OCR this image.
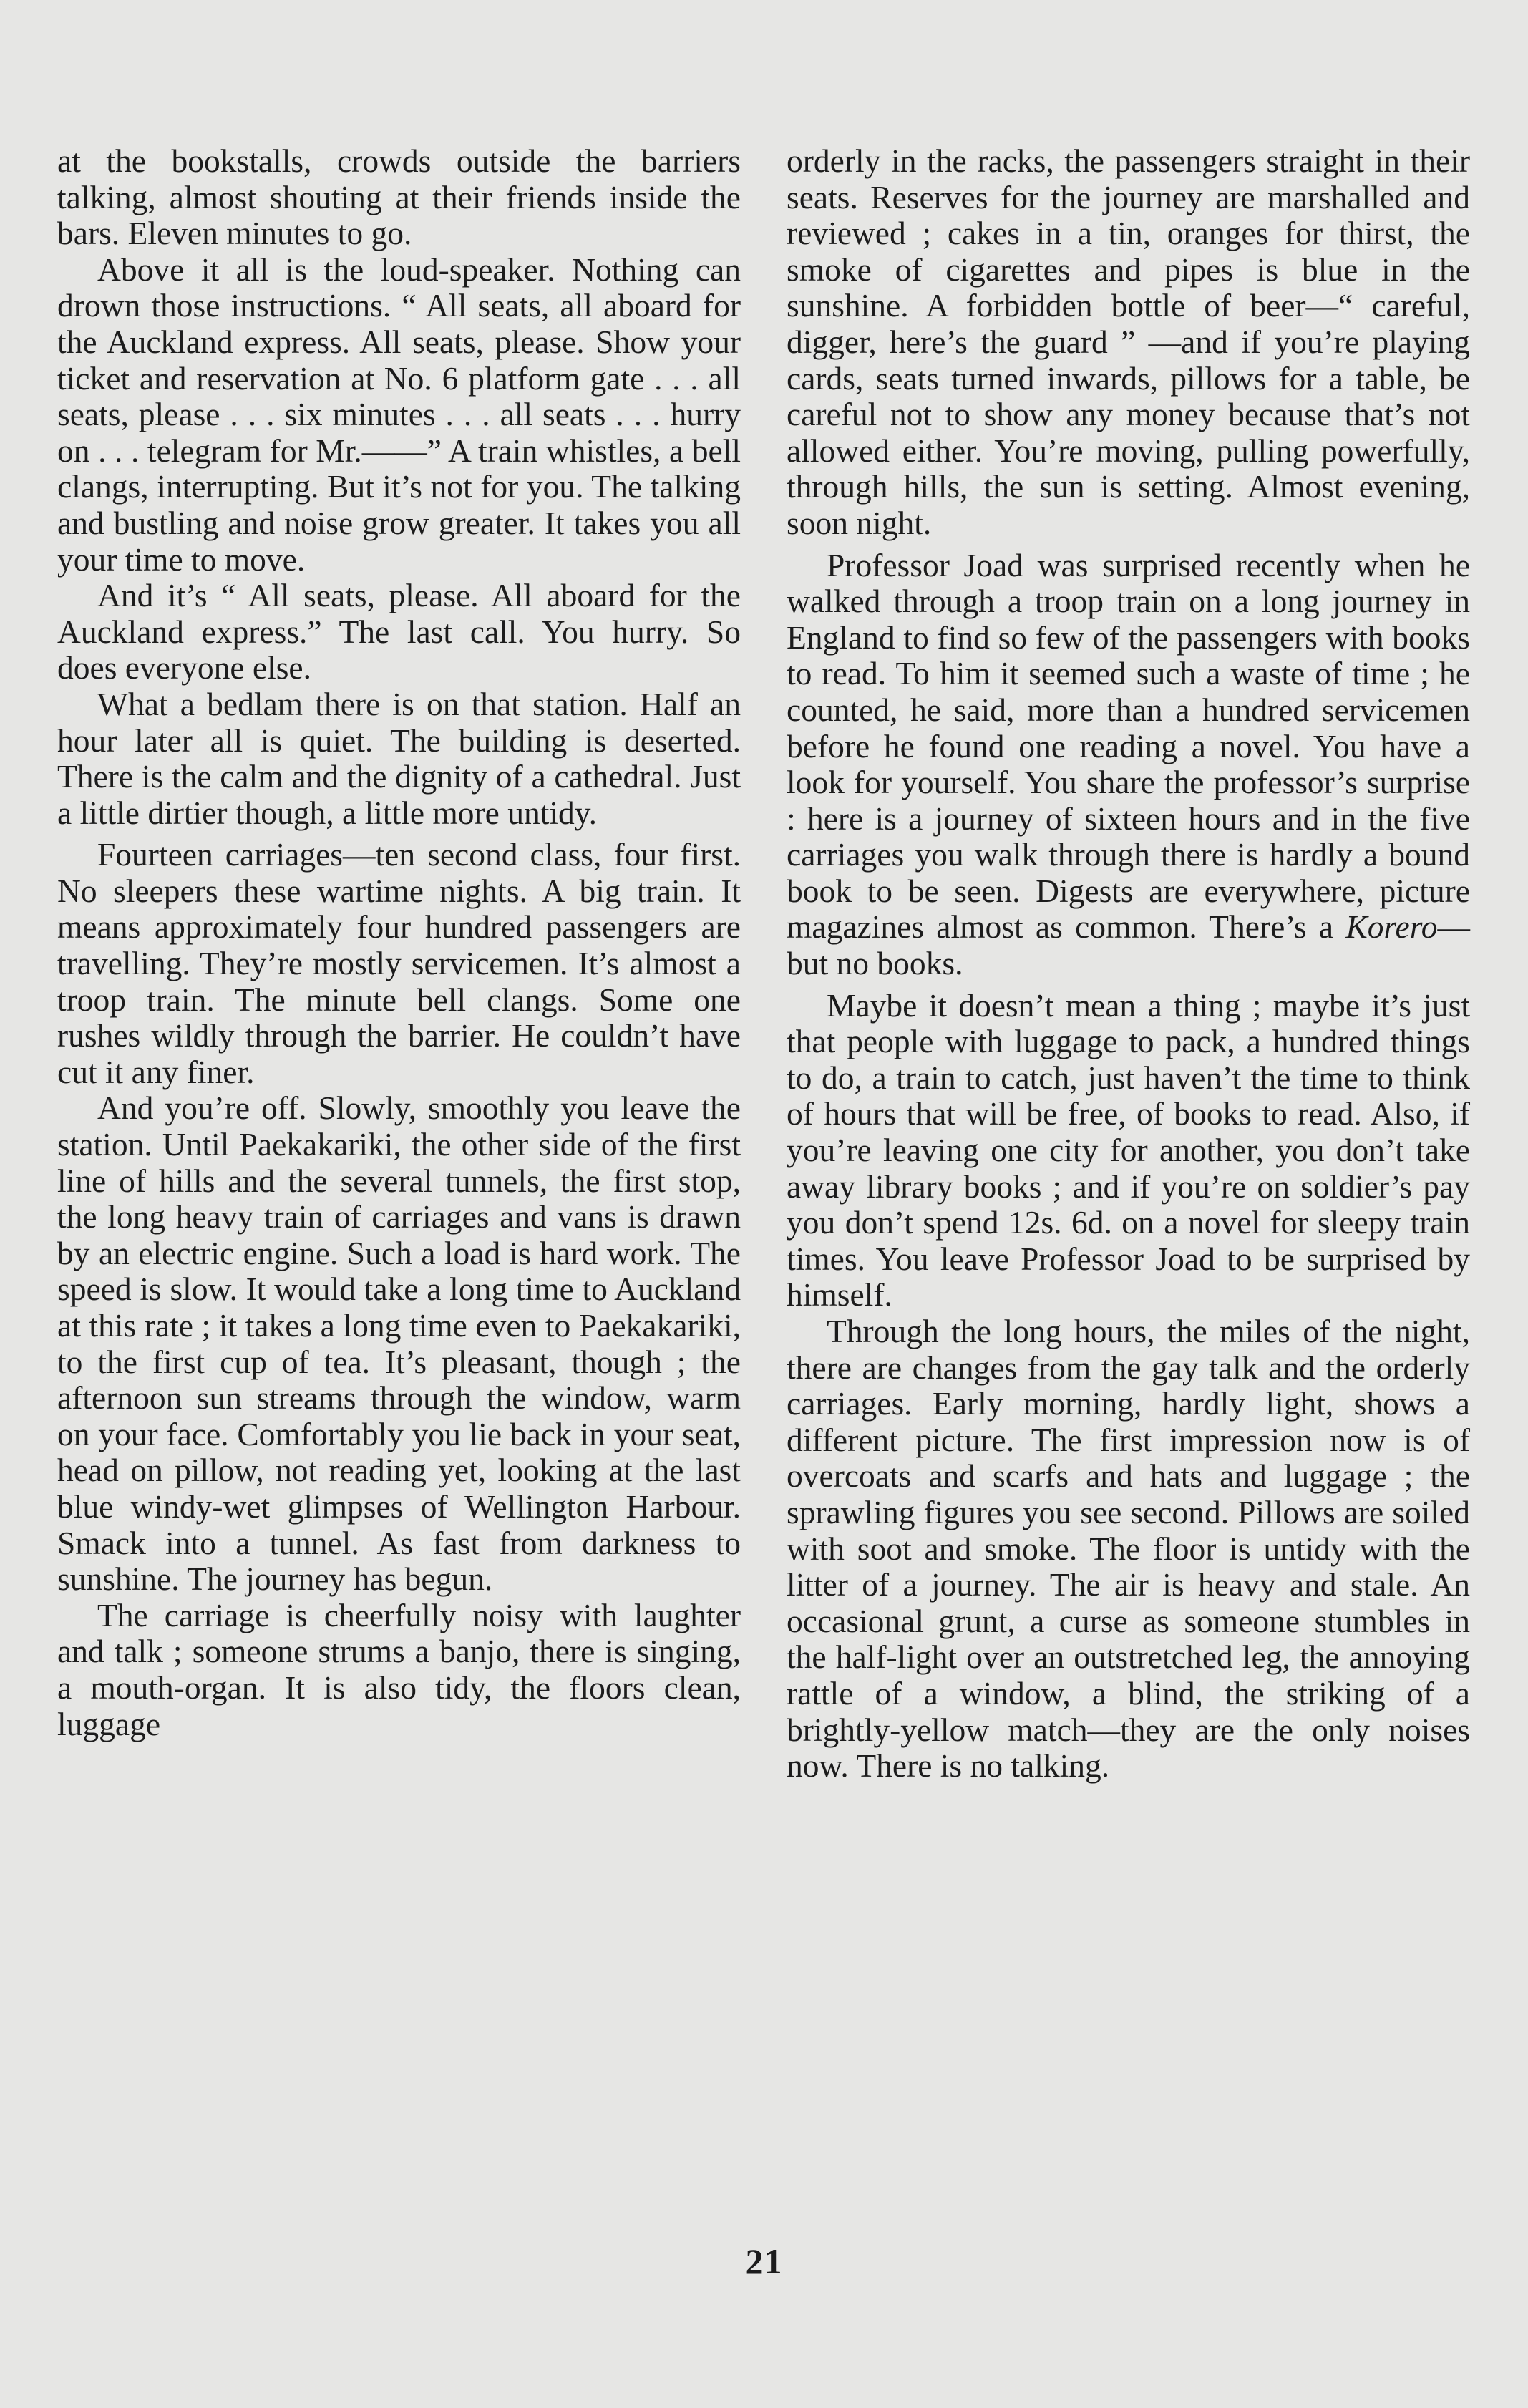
at the bookstalls, crowds outside the barriers talking, almost shouting at their friends inside the bars. Eleven minutes to go.

Above it all is the loud-speaker. Nothing can drown those instructions. “ All seats, all aboard for the Auckland express. All seats, please. Show your ticket and reservation at No. 6 platform gate . . . all seats, please . . . six minutes . . . all seats . . . hurry on . . . telegram for Mr.——” A train whistles, a bell clangs, interrupting. But it’s not for you. The talking and bustling and noise grow greater. It takes you all your time to move.

And it’s “ All seats, please. All aboard for the Auckland express.” The last call. You hurry. So does everyone else.

What a bedlam there is on that station. Half an hour later all is quiet. The building is deserted. There is the calm and the dignity of a cathedral. Just a little dirtier though, a little more untidy.

Fourteen carriages—ten second class, four first. No sleepers these wartime nights. A big train. It means approximately four hundred passengers are travelling. They’re mostly servicemen. It’s almost a troop train. The minute bell clangs. Some one rushes wildly through the barrier. He couldn’t have cut it any finer.

And you’re off. Slowly, smoothly you leave the station. Until Paekakariki, the other side of the first line of hills and the several tunnels, the first stop, the long heavy train of carriages and vans is drawn by an electric engine. Such a load is hard work. The speed is slow. It would take a long time to Auckland at this rate ; it takes a long time even to Paekakariki, to the first cup of tea. It’s pleasant, though ; the afternoon sun streams through the window, warm on your face. Comfortably you lie back in your seat, head on pillow, not reading yet, looking at the last blue windy-wet glimpses of Wellington Harbour. Smack into a tunnel. As fast from darkness to sunshine. The journey has begun.

The carriage is cheerfully noisy with laughter and talk ; someone strums a banjo, there is singing, a mouth-organ. It is also tidy, the floors clean, luggage

orderly in the racks, the passengers straight in their seats. Reserves for the journey are marshalled and reviewed ; cakes in a tin, oranges for thirst, the smoke of cigarettes and pipes is blue in the sunshine. A forbidden bottle of beer—“ careful, digger, here’s the guard ” —and if you’re playing cards, seats turned inwards, pillows for a table, be careful not to show any money because that’s not allowed either. You’re moving, pulling powerfully, through hills, the sun is setting. Almost evening, soon night.

Professor Joad was surprised recently when he walked through a troop train on a long journey in England to find so few of the passengers with books to read. To him it seemed such a waste of time ; he counted, he said, more than a hundred servicemen before he found one reading a novel. You have a look for yourself. You share the professor’s surprise : here is a journey of sixteen hours and in the five carriages you walk through there is hardly a bound book to be seen. Digests are everywhere, picture magazines almost as common. There’s a Korero—but no books.

Maybe it doesn’t mean a thing ; maybe it’s just that people with luggage to pack, a hundred things to do, a train to catch, just haven’t the time to think of hours that will be free, of books to read. Also, if you’re leaving one city for another, you don’t take away library books ; and if you’re on soldier’s pay you don’t spend 12s. 6d. on a novel for sleepy train times. You leave Professor Joad to be surprised by himself.

Through the long hours, the miles of the night, there are changes from the gay talk and the orderly carriages. Early morning, hardly light, shows a different picture. The first impression now is of overcoats and scarfs and hats and luggage ; the sprawling figures you see second. Pillows are soiled with soot and smoke. The floor is untidy with the litter of a journey. The air is heavy and stale. An occasional grunt, a curse as someone stumbles in the half-light over an outstretched leg, the annoying rattle of a window, a blind, the striking of a brightly-yellow match—they are the only noises now. There is no talking.

21
